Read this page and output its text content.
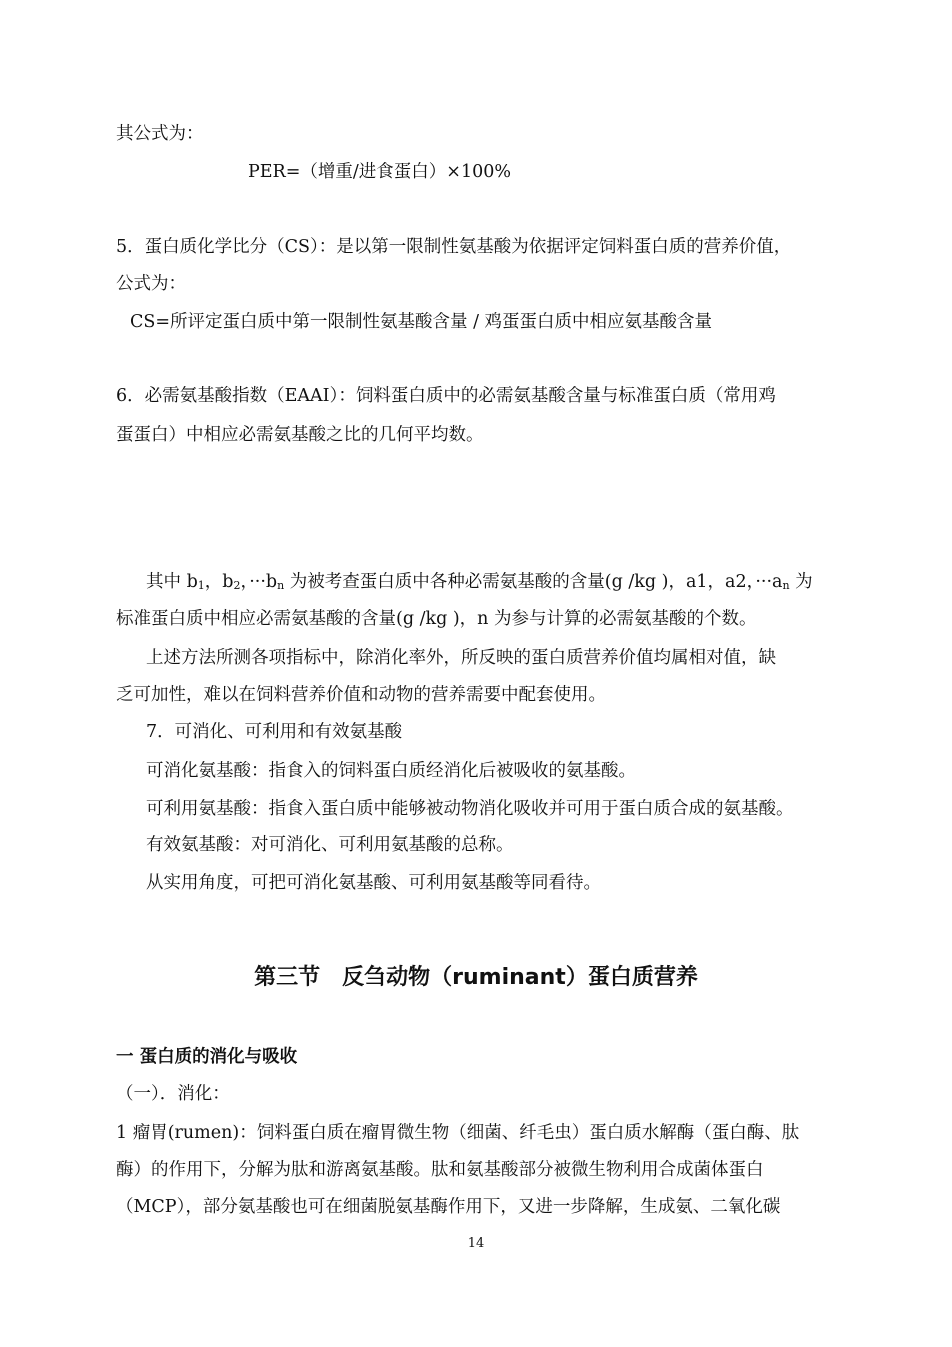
其公式为：
PER=（增重/进食蛋白）×100%
5．蛋白质化学比分（CS）：是以第一限制性氨基酸为依据评定饲料蛋白质的营养价值，
公式为：
CS=所评定蛋白质中第一限制性氨基酸含量 / 鸡蛋蛋白质中相应氨基酸含量
6．必需氨基酸指数（EAAI）：饲料蛋白质中的必需氨基酸含量与标准蛋白质（常用鸡
蛋蛋白）中相应必需氨基酸之比的几何平均数。
其中 $b_1$，$b_2$，$\cdot\cdot\cdot b_n$ 为被考查蛋白质中各种必需氨基酸的含量(g /kg )，a1，a2，$\cdot\cdot\cdot a_n$ 为
标准蛋白质中相应必需氨基酸的含量(g /kg )，n 为参与计算的必需氨基酸的个数。
上述方法所测各项指标中，除消化率外，所反映的蛋白质营养价值均属相对值，缺
乏可加性，难以在饲料营养价值和动物的营养需要中配套使用。
7．可消化、可利用和有效氨基酸
可消化氨基酸：指食入的饲料蛋白质经消化后被吸收的氨基酸。
可利用氨基酸：指食入蛋白质中能够被动物消化吸收并可用于蛋白质合成的氨基酸。
有效氨基酸：对可消化、可利用氨基酸的总称。
从实用角度，可把可消化氨基酸、可利用氨基酸等同看待。
第三节　反刍动物（ruminant）蛋白质营养
一 蛋白质的消化与吸收
（一）．消化：
1 瘤胃(rumen)：饲料蛋白质在瘤胃微生物（细菌、纤毛虫）蛋白质水解酶（蛋白酶、肽
酶）的作用下，分解为肽和游离氨基酸。肽和氨基酸部分被微生物利用合成菌体蛋白
（MCP），部分氨基酸也可在细菌脱氨基酶作用下，又进一步降解，生成氨、二氧化碳
14
